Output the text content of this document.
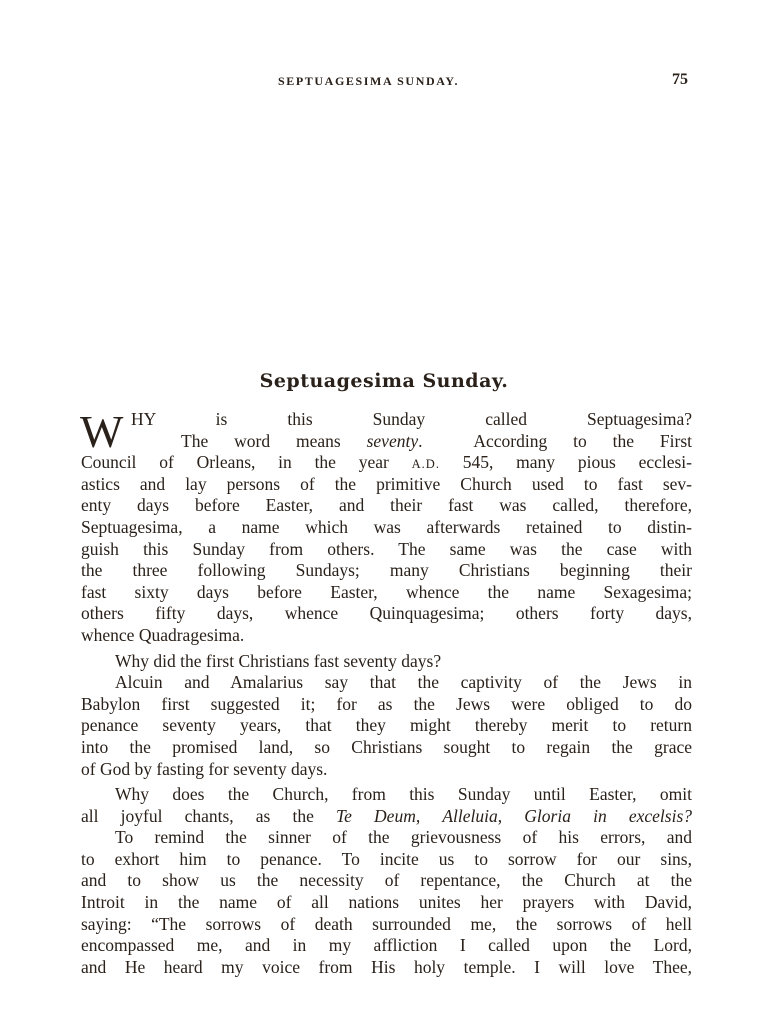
SEPTUAGESIMA SUNDAY.	75
Septuagesima Sunday.
W HY is this Sunday called Septuagesima?
The word means seventy.  According to the First
Council of Orleans, in the year A.D. 545, many pious ecclesi-
astics and lay persons of the primitive Church used to fast sev-
enty days before Easter, and their fast was called, therefore,
Septuagesima, a name which was afterwards retained to distin-
guish this Sunday from others. The same was the case with
the three following Sundays; many Christians beginning their
fast sixty days before Easter, whence the name Sexagesima;
others fifty days, whence Quinquagesima; others forty days,
whence Quadragesima.
Why did the first Christians fast seventy days?
Alcuin and Amalarius say that the captivity of the Jews in
Babylon first suggested it; for as the Jews were obliged to do
penance seventy years, that they might thereby merit to return
into the promised land, so Christians sought to regain the grace
of God by fasting for seventy days.
Why does the Church, from this Sunday until Easter, omit
all joyful chants, as the Te Deum, Alleluia, Gloria in excelsis?
To remind the sinner of the grievousness of his errors, and
to exhort him to penance. To incite us to sorrow for our sins,
and to show us the necessity of repentance, the Church at the
Introit in the name of all nations unites her prayers with David,
saying: “The sorrows of death surrounded me, the sorrows of hell
encompassed me, and in my affliction I called upon the Lord,
and He heard my voice from His holy temple. I will love Thee,
